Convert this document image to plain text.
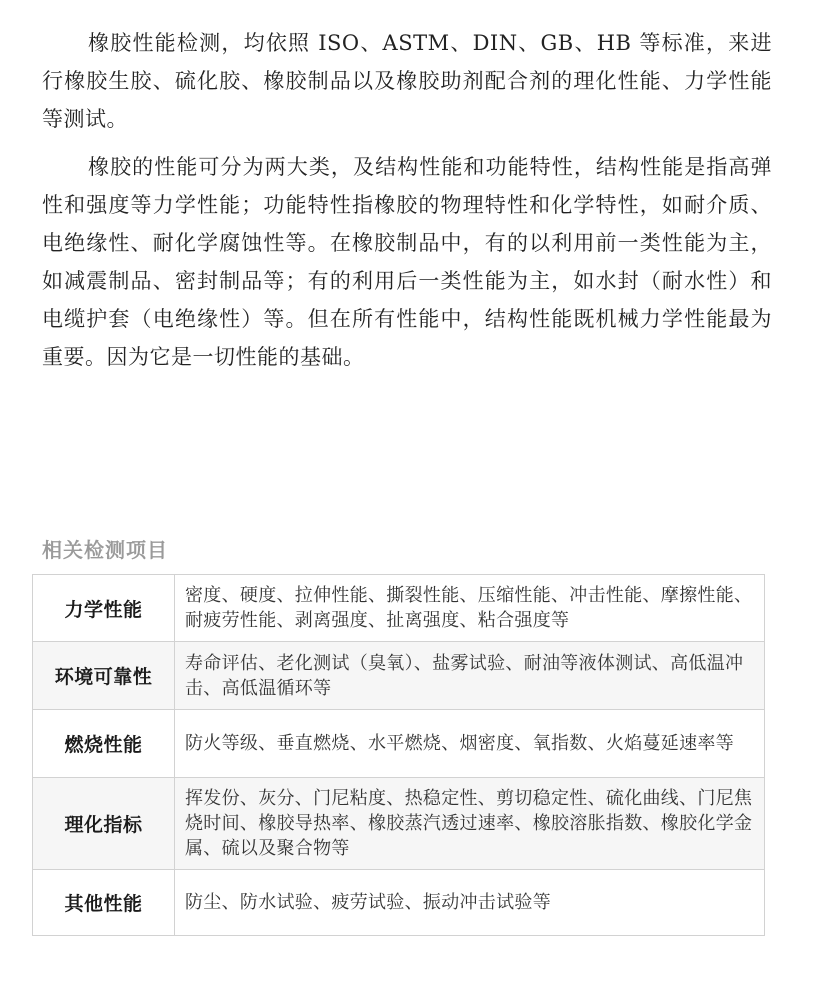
橡胶性能检测，均依照 ISO、ASTM、DIN、GB、HB 等标准，来进行橡胶生胶、硫化胶、橡胶制品以及橡胶助剂配合剂的理化性能、力学性能等测试。

橡胶的性能可分为两大类，及结构性能和功能特性，结构性能是指高弹性和强度等力学性能；功能特性指橡胶的物理特性和化学特性，如耐介质、电绝缘性、耐化学腐蚀性等。在橡胶制品中，有的以利用前一类性能为主，如减震制品、密封制品等；有的利用后一类性能为主，如水封（耐水性）和电缆护套（电绝缘性）等。但在所有性能中，结构性能既机械力学性能最为重要。因为它是一切性能的基础。

相关检测项目
力学性能	密度、硬度、拉伸性能、撕裂性能、压缩性能、冲击性能、摩擦性能、耐疲劳性能、剥离强度、扯离强度、粘合强度等
环境可靠性	寿命评估、老化测试（臭氧）、盐雾试验、耐油等液体测试、高低温冲击、高低温循环等
燃烧性能	防火等级、垂直燃烧、水平燃烧、烟密度、氧指数、火焰蔓延速率等
理化指标	挥发份、灰分、门尼粘度、热稳定性、剪切稳定性、硫化曲线、门尼焦烧时间、橡胶导热率、橡胶蒸汽透过速率、橡胶溶胀指数、橡胶化学金属、硫以及聚合物等
其他性能	防尘、防水试验、疲劳试验、振动冲击试验等
